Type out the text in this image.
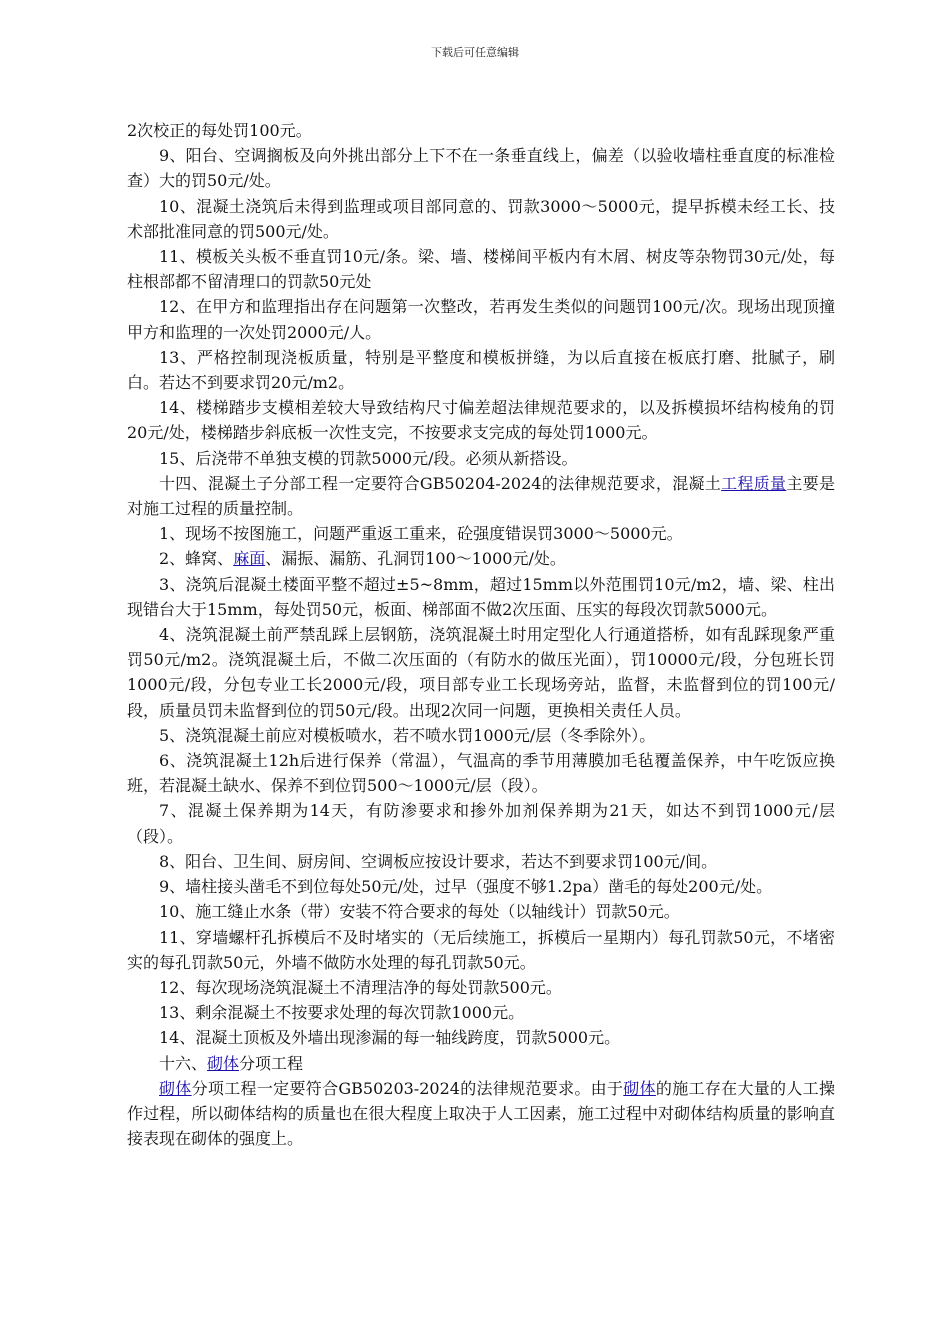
下载后可任意编辑

2次校正的每处罚100元。

9、阳台、空调搁板及向外挑出部分上下不在一条垂直线上，偏差（以验收墙柱垂直度的标准检查）大的罚50元/处。

10、混凝土浇筑后未得到监理或项目部同意的、罚款3000～5000元，提早拆模未经工长、技术部批准同意的罚500元/处。

11、模板关头板不垂直罚10元/条。梁、墙、楼梯间平板内有木屑、树皮等杂物罚30元/处，每柱根部都不留清理口的罚款50元处

12、在甲方和监理指出存在问题第一次整改，若再发生类似的问题罚100元/次。现场出现顶撞甲方和监理的一次处罚2000元/人。

13、严格控制现浇板质量，特别是平整度和模板拼缝，为以后直接在板底打磨、批腻子，刷白。若达不到要求罚20元/m2。

14、楼梯踏步支模相差较大导致结构尺寸偏差超法律规范要求的，以及拆模损坏结构棱角的罚20元/处，楼梯踏步斜底板一次性支完，不按要求支完成的每处罚1000元。

15、后浇带不单独支模的罚款5000元/段。必须从新搭设。

十四、混凝土子分部工程一定要符合GB50204-2024的法律规范要求，混凝土工程质量主要是对施工过程的质量控制。

1、现场不按图施工，问题严重返工重来，砼强度错误罚3000～5000元。

2、蜂窝、麻面、漏振、漏筋、孔洞罚100～1000元/处。

3、浇筑后混凝土楼面平整不超过±5~8mm，超过15mm以外范围罚10元/m2，墙、梁、柱出现错台大于15mm，每处罚50元，板面、梯部面不做2次压面、压实的每段次罚款5000元。

4、浇筑混凝土前严禁乱踩上层钢筋，浇筑混凝土时用定型化人行通道搭桥，如有乱踩现象严重罚50元/m2。浇筑混凝土后，不做二次压面的（有防水的做压光面），罚10000元/段，分包班长罚1000元/段，分包专业工长2000元/段，项目部专业工长现场旁站，监督，未监督到位的罚100元/段，质量员罚未监督到位的罚50元/段。出现2次同一问题，更换相关责任人员。

5、浇筑混凝土前应对模板喷水，若不喷水罚1000元/层（冬季除外）。

6、浇筑混凝土12h后进行保养（常温），气温高的季节用薄膜加毛毡覆盖保养，中午吃饭应换班，若混凝土缺水、保养不到位罚500～1000元/层（段）。

7、混凝土保养期为14天，有防渗要求和掺外加剂保养期为21天，如达不到罚1000元/层（段）。

8、阳台、卫生间、厨房间、空调板应按设计要求，若达不到要求罚100元/间。

9、墙柱接头凿毛不到位每处50元/处，过早（强度不够1.2pa）凿毛的每处200元/处。

10、施工缝止水条（带）安装不符合要求的每处（以轴线计）罚款50元。

11、穿墙螺杆孔拆模后不及时堵实的（无后续施工，拆模后一星期内）每孔罚款50元，不堵密实的每孔罚款50元，外墙不做防水处理的每孔罚款50元。

12、每次现场浇筑混凝土不清理洁净的每处罚款500元。

13、剩余混凝土不按要求处理的每次罚款1000元。

14、混凝土顶板及外墙出现渗漏的每一轴线跨度，罚款5000元。

十六、砌体分项工程

砌体分项工程一定要符合GB50203-2024的法律规范要求。由于砌体的施工存在大量的人工操作过程，所以砌体结构的质量也在很大程度上取决于人工因素，施工过程中对砌体结构质量的影响直接表现在砌体的强度上。
